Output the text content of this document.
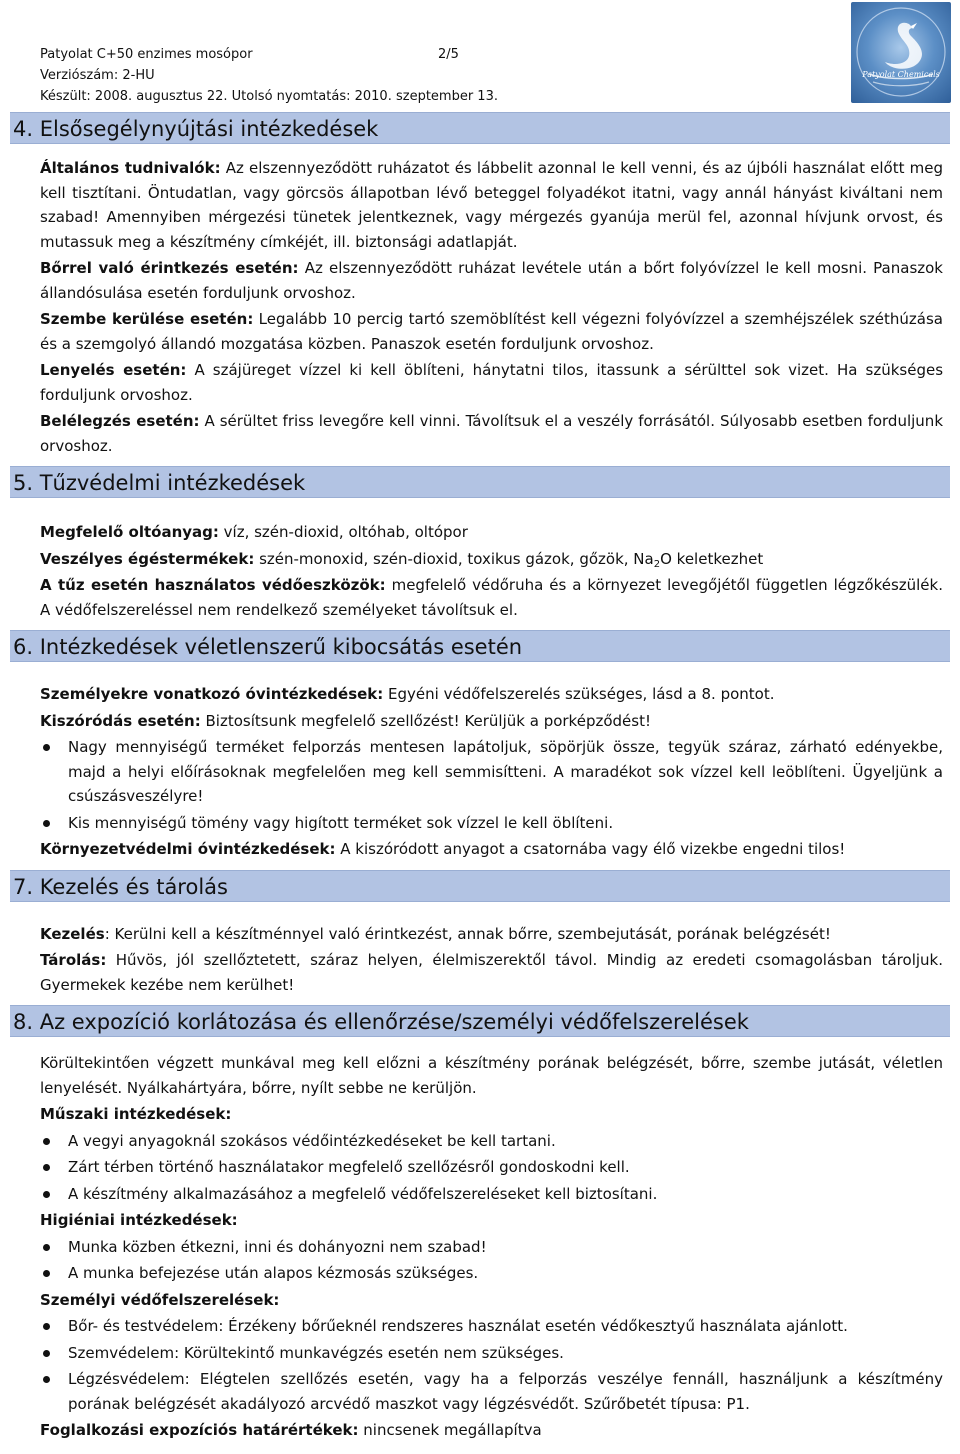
Patyolat C+50 enzimes mosópor	2/5
Verziószám: 2-HU
Készült: 2008. augusztus 22. Utolsó nyomtatás: 2010. szeptember 13.
Patyolat Chemicals
4. Elsősegélynyújtási intézkedések

Általános tudnivalók: Az elszennyeződött ruházatot és lábbelit azonnal le kell venni, és az újbóli használat előtt meg kell tisztítani. Öntudatlan, vagy görcsös állapotban lévő beteggel folyadékot itatni, vagy annál hányást kiváltani nem szabad! Amennyiben mérgezési tünetek jelentkeznek, vagy mérgezés gyanúja merül fel, azonnal hívjunk orvost, és mutassuk meg a készítmény címkéjét, ill. biztonsági adatlapját.

Bőrrel való érintkezés esetén: Az elszennyeződött ruházat levétele után a bőrt folyóvízzel le kell mosni. Panaszok állandósulása esetén forduljunk orvoshoz.

Szembe kerülése esetén: Legalább 10 percig tartó szemöblítést kell végezni folyóvízzel a szemhéjszélek széthúzása és a szemgolyó állandó mozgatása közben. Panaszok esetén forduljunk orvoshoz.

Lenyelés esetén: A szájüreget vízzel ki kell öblíteni, hánytatni tilos, itassunk a sérülttel sok vizet. Ha szükséges forduljunk orvoshoz.

Belélegzés esetén: A sérültet friss levegőre kell vinni. Távolítsuk el a veszély forrásától. Súlyosabb esetben forduljunk orvoshoz.

5. Tűzvédelmi intézkedések

Megfelelő oltóanyag: víz, szén-dioxid, oltóhab, oltópor

Veszélyes égéstermékek: szén-monoxid, szén-dioxid, toxikus gázok, gőzök, $Na_2O$ keletkezhet

A tűz esetén használatos védőeszközök: megfelelő védőruha és a környezet levegőjétől független légzőkészülék. A védőfelszereléssel nem rendelkező személyeket távolítsuk el.

6. Intézkedések véletlenszerű kibocsátás esetén

Személyekre vonatkozó óvintézkedések: Egyéni védőfelszerelés szükséges, lásd a 8. pontot.

Kiszóródás esetén: Biztosítsunk megfelelő szellőzést! Kerüljük a porképződést!

Nagy mennyiségű terméket felporzás mentesen lapátoljuk, söpörjük össze, tegyük száraz, zárható edényekbe, majd a helyi előírásoknak megfelelően meg kell semmisítteni. A maradékot sok vízzel kell leöblíteni. Ügyeljünk a csúszásveszélyre!
Kis mennyiségű tömény vagy higított terméket sok vízzel le kell öblíteni.

Környezetvédelmi óvintézkedések: A kiszóródott anyagot a csatornába vagy élő vizekbe engedni tilos!

7. Kezelés és tárolás

Kezelés: Kerülni kell a készítménnyel való érintkezést, annak bőrre, szembejutását, porának belégzését!

Tárolás: Hűvös, jól szellőztetett, száraz helyen, élelmiszerektől távol. Mindig az eredeti csomagolásban tároljuk. Gyermekek kezébe nem kerülhet!

8. Az expozíció korlátozása és ellenőrzése/személyi védőfelszerelések

Körültekintően végzett munkával meg kell előzni a készítmény porának belégzését, bőrre, szembe jutását, véletlen lenyelését. Nyálkahártyára, bőrre, nyílt sebbe ne kerüljön.

Műszaki intézkedések:
A vegyi anyagoknál szokásos védőintézkedéseket be kell tartani.
Zárt térben történő használatakor megfelelő szellőzésről gondoskodni kell.
A készítmény alkalmazásához a megfelelő védőfelszereléseket kell biztosítani.
Higiéniai intézkedések:
Munka közben étkezni, inni és dohányozni nem szabad!
A munka befejezése után alapos kézmosás szükséges.
Személyi védőfelszerelések:
Bőr- és testvédelem: Érzékeny bőrűeknél rendszeres használat esetén védőkesztyű használata ajánlott.
Szemvédelem: Körültekintő munkavégzés esetén nem szükséges.
Légzésvédelem: Elégtelen szellőzés esetén, vagy ha a felporzás veszélye fennáll, használjunk a készítmény porának belégzését akadályozó arcvédő maszkot vagy légzésvédőt. Szűrőbetét típusa: P1.

Foglalkozási expozíciós határértékek: nincsenek megállapítva
